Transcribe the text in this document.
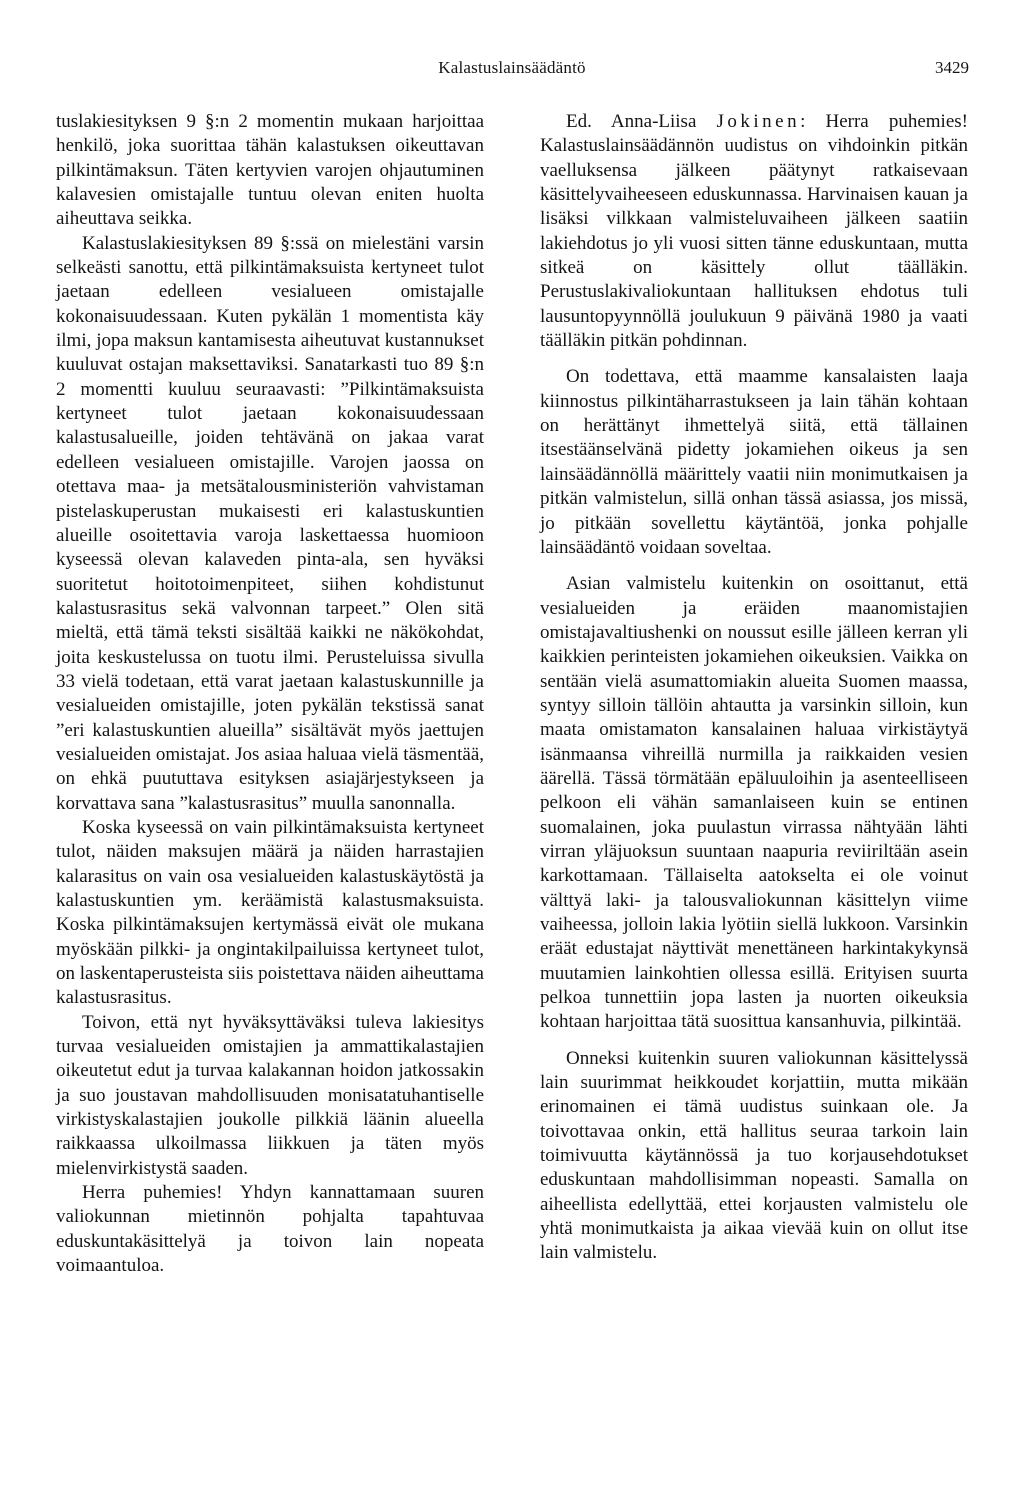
Kalastuslainsäädäntö	3429

tuslakiesityksen 9 §:n 2 momentin mukaan harjoittaa henkilö, joka suorittaa tähän kalastuksen oikeuttavan pilkintämaksun. Täten kertyvien varojen ohjautuminen kalavesien omistajalle tuntuu olevan eniten huolta aiheuttava seikka.

Kalastuslakiesityksen 89 §:ssä on mielestäni varsin selkeästi sanottu, että pilkintämaksuista kertyneet tulot jaetaan edelleen vesialueen omistajalle kokonaisuudessaan. Kuten pykälän 1 momentista käy ilmi, jopa maksun kantamisesta aiheutuvat kustannukset kuuluvat ostajan maksettaviksi. Sanatarkasti tuo 89 §:n 2 momentti kuuluu seuraavasti: ”Pilkintämaksuista kertyneet tulot jaetaan kokonaisuudessaan kalastusalueille, joiden tehtävänä on jakaa varat edelleen vesialueen omistajille. Varojen jaossa on otettava maa- ja metsätalousministeriön vahvistaman pistelaskuperustan mukaisesti eri kalastuskuntien alueille osoitettavia varoja laskettaessa huomioon kyseessä olevan kalaveden pinta-ala, sen hyväksi suoritetut hoitotoimenpiteet, siihen kohdistunut kalastusrasitus sekä valvonnan tarpeet.” Olen sitä mieltä, että tämä teksti sisältää kaikki ne näkökohdat, joita keskustelussa on tuotu ilmi. Perusteluissa sivulla 33 vielä todetaan, että varat jaetaan kalastuskunnille ja vesialueiden omistajille, joten pykälän tekstissä sanat ”eri kalastuskuntien alueilla” sisältävät myös jaettujen vesialueiden omistajat. Jos asiaa haluaa vielä täsmentää, on ehkä puututtava esityksen asiajärjestykseen ja korvattava sana ”kalastusrasitus” muulla sanonnalla.

Koska kyseessä on vain pilkintämaksuista kertyneet tulot, näiden maksujen määrä ja näiden harrastajien kalarasitus on vain osa vesialueiden kalastuskäytöstä ja kalastuskuntien ym. keräämistä kalastusmaksuista. Koska pilkintämaksujen kertymässä eivät ole mukana myöskään pilkki- ja ongintakilpailuissa kertyneet tulot, on laskentaperusteista siis poistettava näiden aiheuttama kalastusrasitus.

Toivon, että nyt hyväksyttäväksi tuleva lakiesitys turvaa vesialueiden omistajien ja ammattikalastajien oikeutetut edut ja turvaa kalakannan hoidon jatkossakin ja suo joustavan mahdollisuuden monisatatuhantiselle virkistyskalastajien joukolle pilkkiä läänin alueella raikkaassa ulkoilmassa liikkuen ja täten myös mielenvirkistystä saaden.

Herra puhemies! Yhdyn kannattamaan suuren valiokunnan mietinnön pohjalta tapahtuvaa eduskuntakäsittelyä ja toivon lain nopeata voimaantuloa.

Ed. Anna-Liisa Jokinen: Herra puhemies! Kalastuslainsäädännön uudistus on vihdoinkin pitkän vaelluksensa jälkeen päätynyt ratkaisevaan käsittelyvaiheeseen eduskunnassa. Harvinaisen kauan ja lisäksi vilkkaan valmisteluvaiheen jälkeen saatiin lakiehdotus jo yli vuosi sitten tänne eduskuntaan, mutta sitkeä on käsittely ollut täälläkin. Perustuslakivaliokuntaan hallituksen ehdotus tuli lausuntopyynnöllä joulukuun 9 päivänä 1980 ja vaati täälläkin pitkän pohdinnan.

On todettava, että maamme kansalaisten laaja kiinnostus pilkintäharrastukseen ja lain tähän kohtaan on herättänyt ihmettelyä siitä, että tällainen itsestäänselvänä pidetty jokamiehen oikeus ja sen lainsäädännöllä määrittely vaatii niin monimutkaisen ja pitkän valmistelun, sillä onhan tässä asiassa, jos missä, jo pitkään sovellettu käytäntöä, jonka pohjalle lainsäädäntö voidaan soveltaa.

Asian valmistelu kuitenkin on osoittanut, että vesialueiden ja eräiden maanomistajien omistajavaltiushenki on noussut esille jälleen kerran yli kaikkien perinteisten jokamiehen oikeuksien. Vaikka on sentään vielä asumattomiakin alueita Suomen maassa, syntyy silloin tällöin ahtautta ja varsinkin silloin, kun maata omistamaton kansalainen haluaa virkistäytyä isänmaansa vihreillä nurmilla ja raikkaiden vesien äärellä. Tässä törmätään epäluuloihin ja asenteelliseen pelkoon eli vähän samanlaiseen kuin se entinen suomalainen, joka puulastun virrassa nähtyään lähti virran yläjuoksun suuntaan naapuria reviiriltään asein karkottamaan. Tällaiselta aatokselta ei ole voinut välttyä laki- ja talousvaliokunnan käsittelyn viime vaiheessa, jolloin lakia lyötiin siellä lukkoon. Varsinkin eräät edustajat näyttivät menettäneen harkintakykynsä muutamien lainkohtien ollessa esillä. Erityisen suurta pelkoa tunnettiin jopa lasten ja nuorten oikeuksia kohtaan harjoittaa tätä suosittua kansanhuvia, pilkintää.

Onneksi kuitenkin suuren valiokunnan käsittelyssä lain suurimmat heikkoudet korjattiin, mutta mikään erinomainen ei tämä uudistus suinkaan ole. Ja toivottavaa onkin, että hallitus seuraa tarkoin lain toimivuutta käytännössä ja tuo korjausehdotukset eduskuntaan mahdollisimman nopeasti. Samalla on aiheellista edellyttää, ettei korjausten valmistelu ole yhtä monimutkaista ja aikaa vievää kuin on ollut itse lain valmistelu.
